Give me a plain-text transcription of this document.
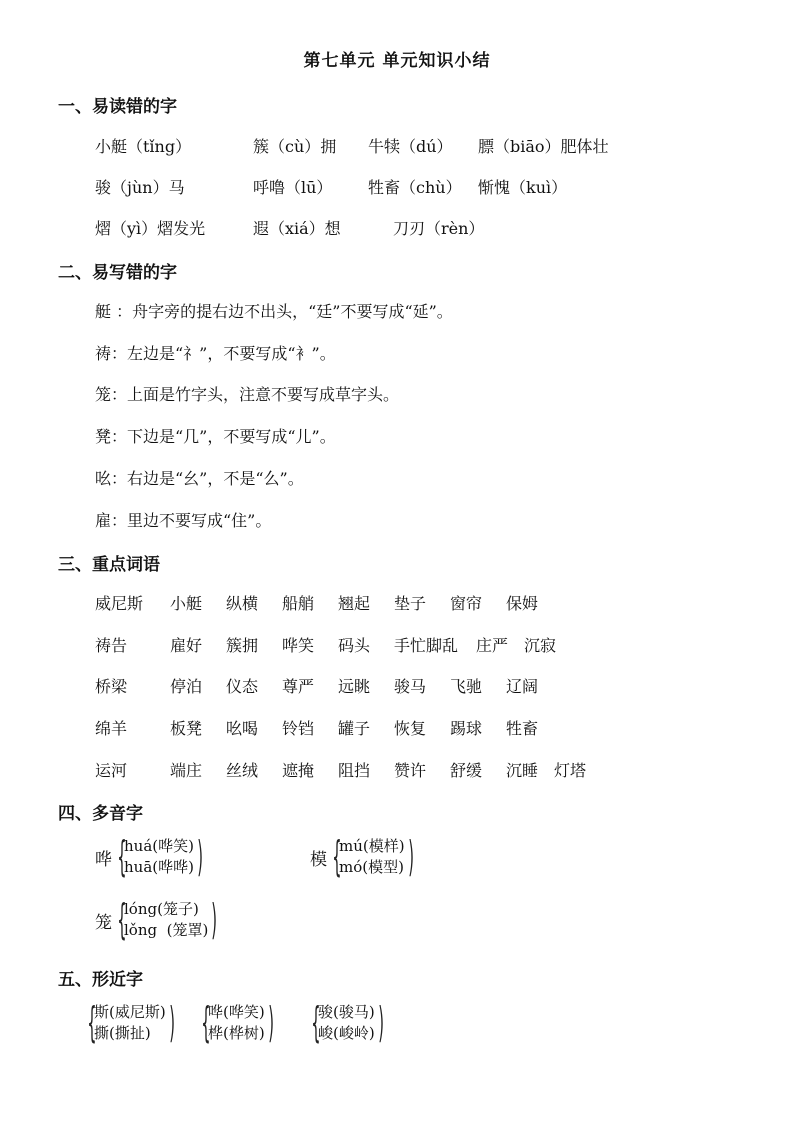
第七单元 单元知识小结
一、易读错的字
小艇（tǐng）	簇（cù）拥 牛犊（dú） 膘（biāo）肥体壮
骏（jùn）马	呼噜（lū） 牲畜（chù） 惭愧（kuì）
熠（yì）熠发光	遐（xiá）想	刀刃（rèn）
二、易写错的字
艇 ：舟字旁的提右边不出头，“廷”不要写成“延”。
祷：左边是“礻”，不要写成“衤”。
笼：上面是竹字头，注意不要写成草字头。
凳：下边是“几”，不要写成“儿”。
吆：右边是“幺”，不是“么”。
雇：里边不要写成“住”。
三、重点词语
威尼斯 小艇 纵横 船艄 翘起 垫子 窗帘 保姆
祷告	雇好 簇拥 哗笑 码头 手忙脚乱 庄严 沉寂
桥梁	停泊 仪态 尊严 远眺 骏马 飞驰 辽阔
绵羊	板凳 吆喝 铃铛 罐子 恢复 踢球 牲畜
运河	端庄 丝绒 遮掩 阻挡 赞许 舒缓 沉睡 灯塔
四、多音字
哗 {
huá(哗笑)
huā(哗哗) )	模 {
mú(模样)
mó(模型) )
笼 {
lóng(笼子)
lǒng  (笼罩) )
五、形近字
{
斯(威尼斯)
撕(撕扯) ) {
哗(哗笑)
桦(桦树) ) {
骏(骏马)
峻(峻岭) )
